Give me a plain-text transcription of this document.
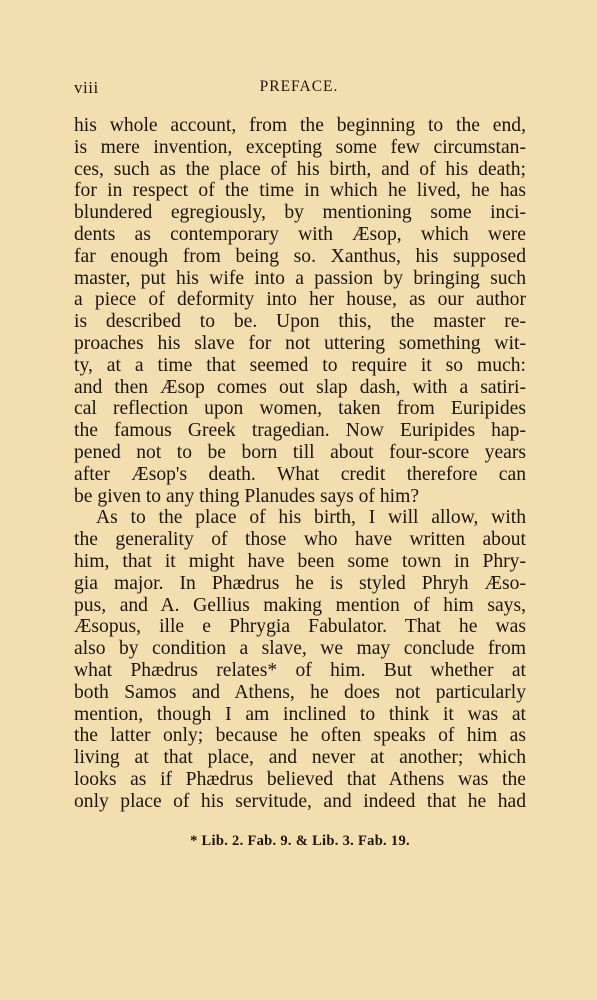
viii	PREFACE.
his whole account, from the beginning to the end,
is mere invention, excepting some few circumstan-
ces, such as the place of his birth, and of his death;
for in respect of the time in which he lived, he has
blundered egregiously, by mentioning some inci-
dents as contemporary with Æsop, which were
far enough from being so. Xanthus, his supposed
master, put his wife into a passion by bringing such
a piece of deformity into her house, as our author
is described to be. Upon this, the master re-
proaches his slave for not uttering something wit-
ty, at a time that seemed to require it so much:
and then Æsop comes out slap dash, with a satiri-
cal reflection upon women, taken from Euripides
the famous Greek tragedian. Now Euripides hap-
pened not to be born till about four-score years
after Æsop's death. What credit therefore can
be given to any thing Planudes says of him?
As to the place of his birth, I will allow, with
the generality of those who have written about
him, that it might have been some town in Phry-
gia major. In Phædrus he is styled Phryh Æso-
pus, and A. Gellius making mention of him says,
Æsopus, ille e Phrygia Fabulator. That he was
also by condition a slave, we may conclude from
what Phædrus relates* of him. But whether at
both Samos and Athens, he does not particularly
mention, though I am inclined to think it was at
the latter only; because he often speaks of him as
living at that place, and never at another; which
looks as if Phædrus believed that Athens was the
only place of his servitude, and indeed that he had
* Lib. 2. Fab. 9. & Lib. 3. Fab. 19.
